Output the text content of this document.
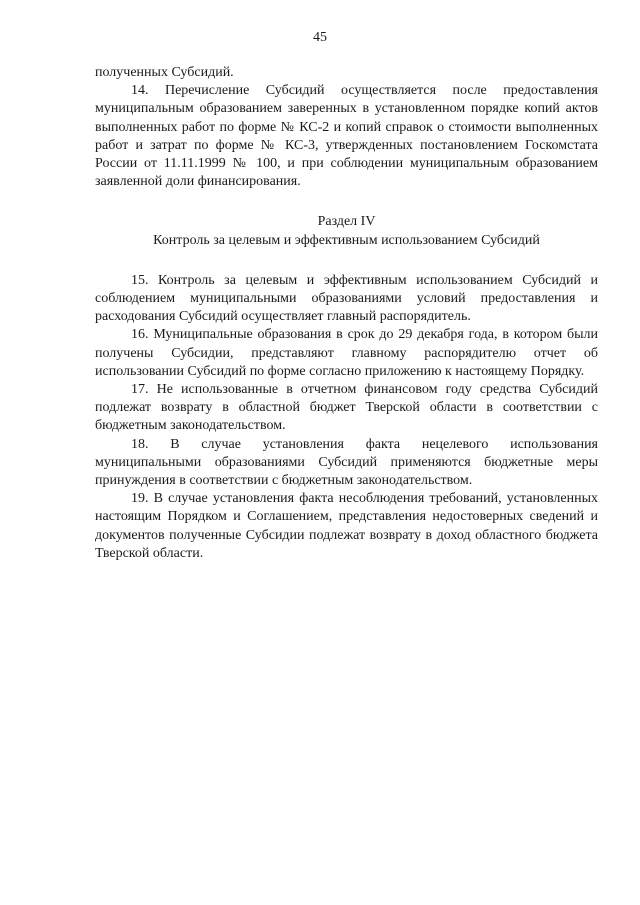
45

полученных Субсидий.

14. Перечисление Субсидий осуществляется после предоставления муниципальным образованием заверенных в установленном порядке копий актов выполненных работ по форме № КС-2 и копий справок о стоимости выполненных работ и затрат по форме № КС-3, утвержденных постановлением Госкомстата России от 11.11.1999 № 100, и при соблюдении муниципальным образованием заявленной доли финансирования.

Раздел IV

Контроль за целевым и эффективным использованием Субсидий

15. Контроль за целевым и эффективным использованием Субсидий и соблюдением муниципальными образованиями условий предоставления и расходования Субсидий осуществляет главный распорядитель.

16. Муниципальные образования в срок до 29 декабря года, в котором были получены Субсидии, представляют главному распорядителю отчет об использовании Субсидий по форме согласно приложению к настоящему Порядку.

17. Не использованные в отчетном финансовом году средства Субсидий подлежат возврату в областной бюджет Тверской области в соответствии с бюджетным законодательством.

18. В случае установления факта нецелевого использования муниципальными образованиями Субсидий применяются бюджетные меры принуждения в соответствии с бюджетным законодательством.

19. В случае установления факта несоблюдения требований, установленных настоящим Порядком и Соглашением, представления недостоверных сведений и документов полученные Субсидии подлежат возврату в доход областного бюджета Тверской области.
